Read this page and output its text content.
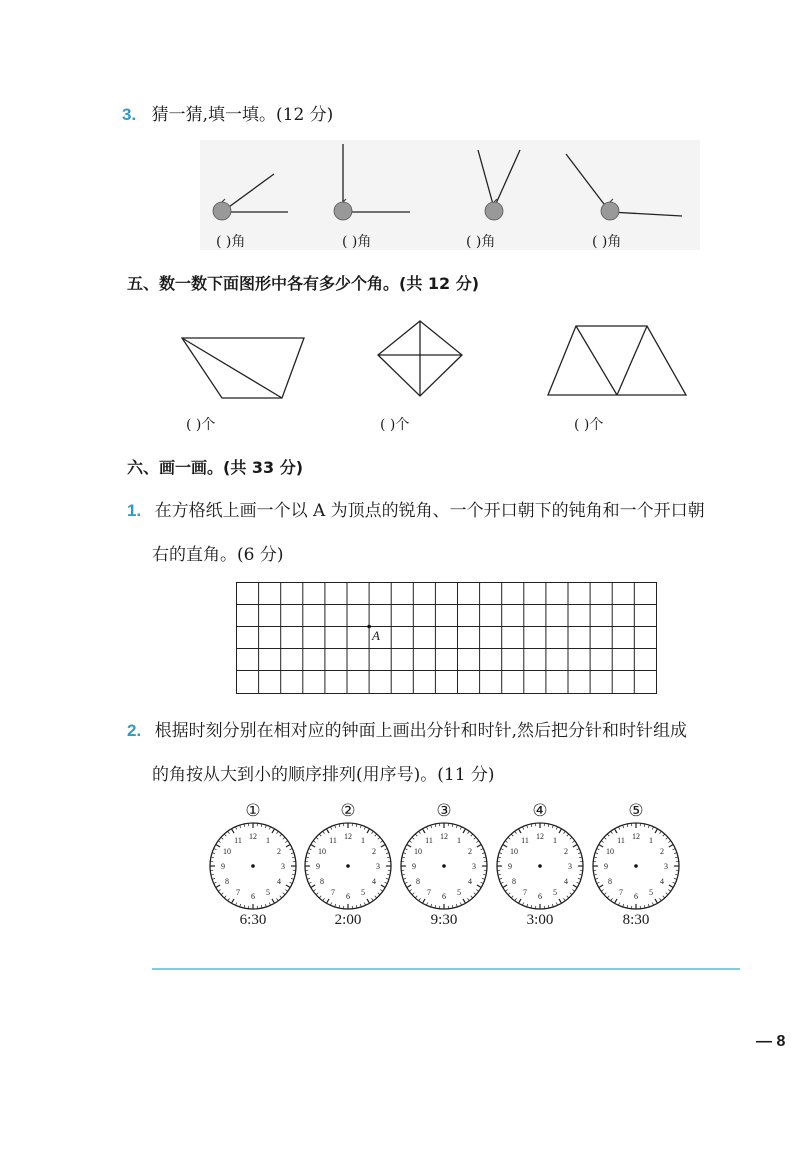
3. 猜一猜,填一填。(12 分)
( )角	( )角	( )角	( )角
五、数一数下面图形中各有多少个角。(共 12 分)
( )个	( )个	( )个
六、画一画。(共 33 分)
1. 在方格纸上画一个以 A 为顶点的锐角、一个开口朝下的钝角和一个开口朝
右的直角。(6 分)
A
2. 根据时刻分别在相对应的钟面上画出分针和时针,然后把分针和时针组成
的角按从大到小的顺序排列(用序号)。(11 分)
①
12 1
2
3
4
5
6
7
8
9
10
11
6:30
②
12 1
2
3
4
5
6
7
8
9
10
11
2:00
③
12 1
2
3
4
5
6
7
8
9
10
11
9:30
④
12 1
2
3
4
5
6
7
8
9
10
11
3:00
⑤
12 1
2
3
4
5
6
7
8
9
10
11
8:30
— 8
